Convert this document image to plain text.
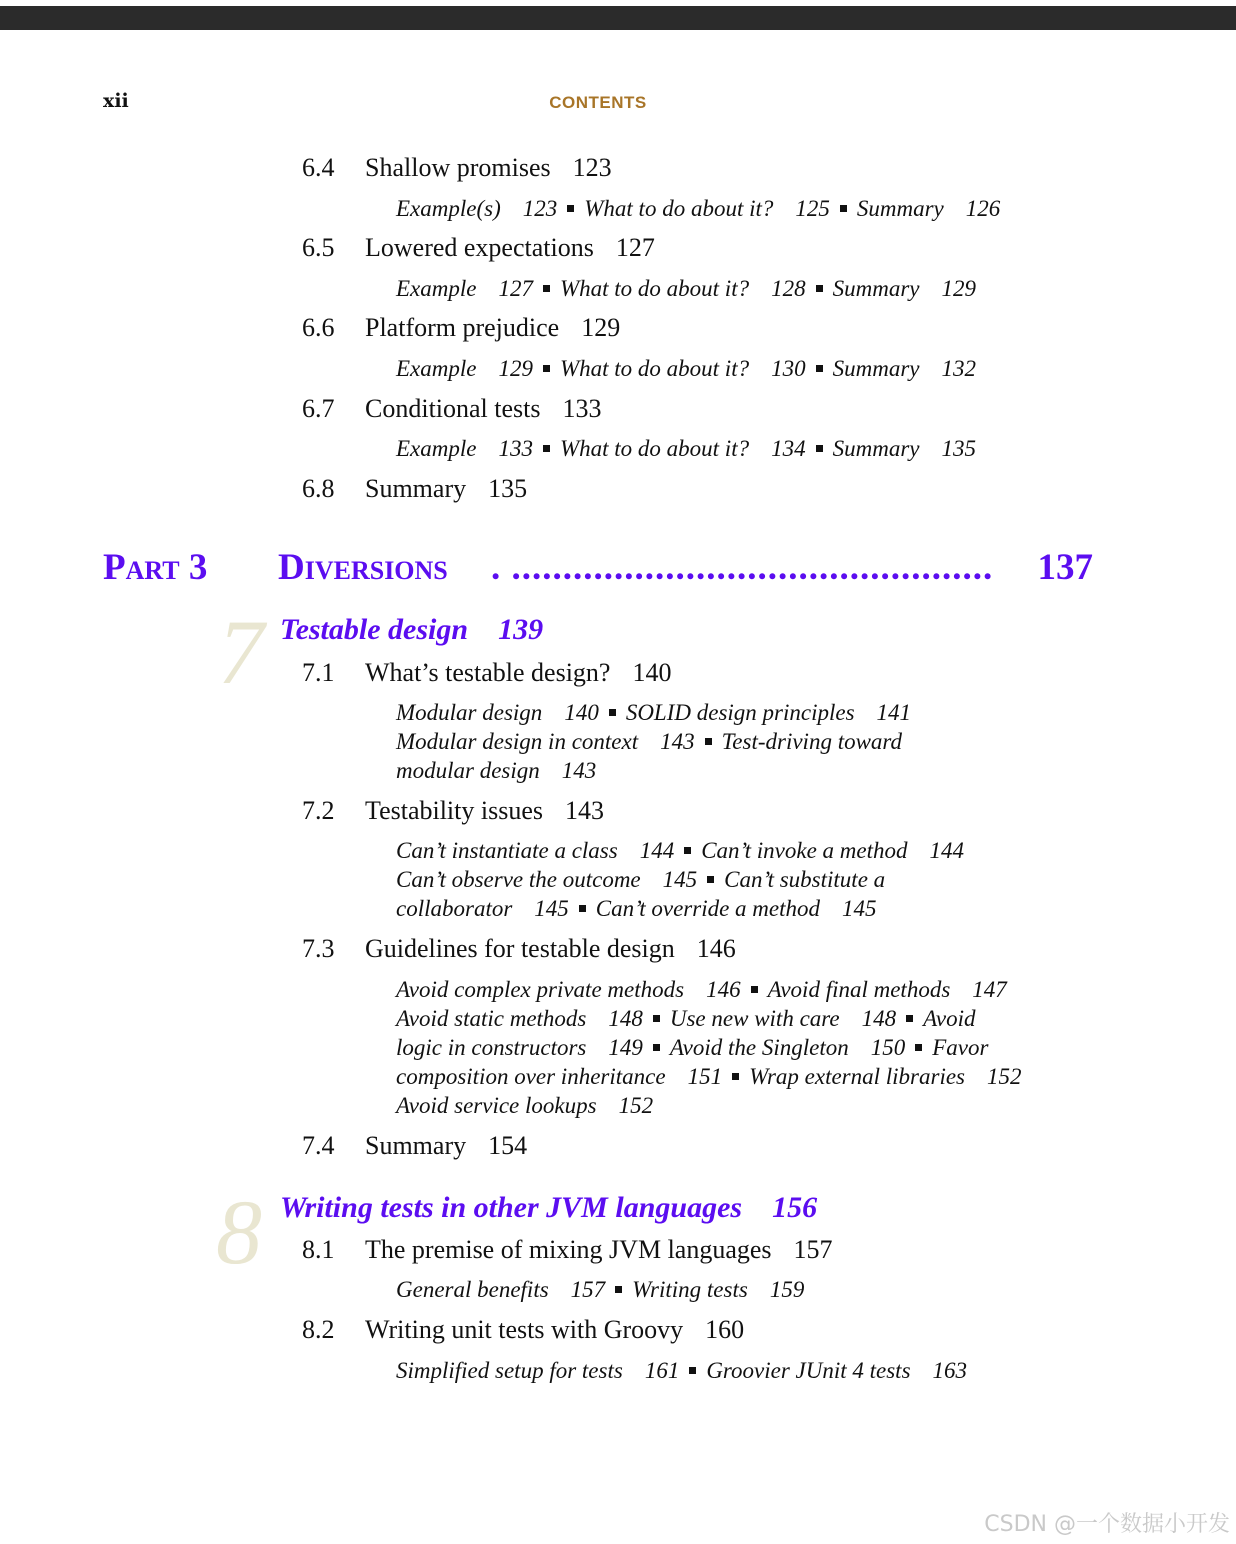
xii	CONTENTS
6.4 Shallow promises 123
Example(s) 123 What to do about it? 125 Summary 126
6.5 Lowered expectations 127
Example 127 What to do about it? 128 Summary 129
6.6 Platform prejudice 129
Example 129 What to do about it? 130 Summary 132
6.7 Conditional tests 133
Example 133 What to do about it? 134 Summary 135
6.8 Summary 135
Part 3 Diversions . ...............................................	137
7 Testable design 139
7.1 What’s testable design? 140
Modular design 140 SOLID design principles 141
Modular design in context 143 Test-driving toward
modular design 143
7.2 Testability issues 143
Can’t instantiate a class 144 Can’t invoke a method 144
Can’t observe the outcome 145 Can’t substitute a
collaborator 145 Can’t override a method 145
7.3 Guidelines for testable design 146
Avoid complex private methods 146 Avoid final methods 147
Avoid static methods 148 Use new with care 148 Avoid
logic in constructors 149 Avoid the Singleton 150 Favor
composition over inheritance 151 Wrap external libraries 152
Avoid service lookups 152
7.4 Summary 154
8 Writing tests in other JVM languages 156
8.1 The premise of mixing JVM languages 157
General benefits 157 Writing tests 159
8.2 Writing unit tests with Groovy 160
Simplified setup for tests 161 Groovier JUnit 4 tests 163
CSDN @一个数据小开发
